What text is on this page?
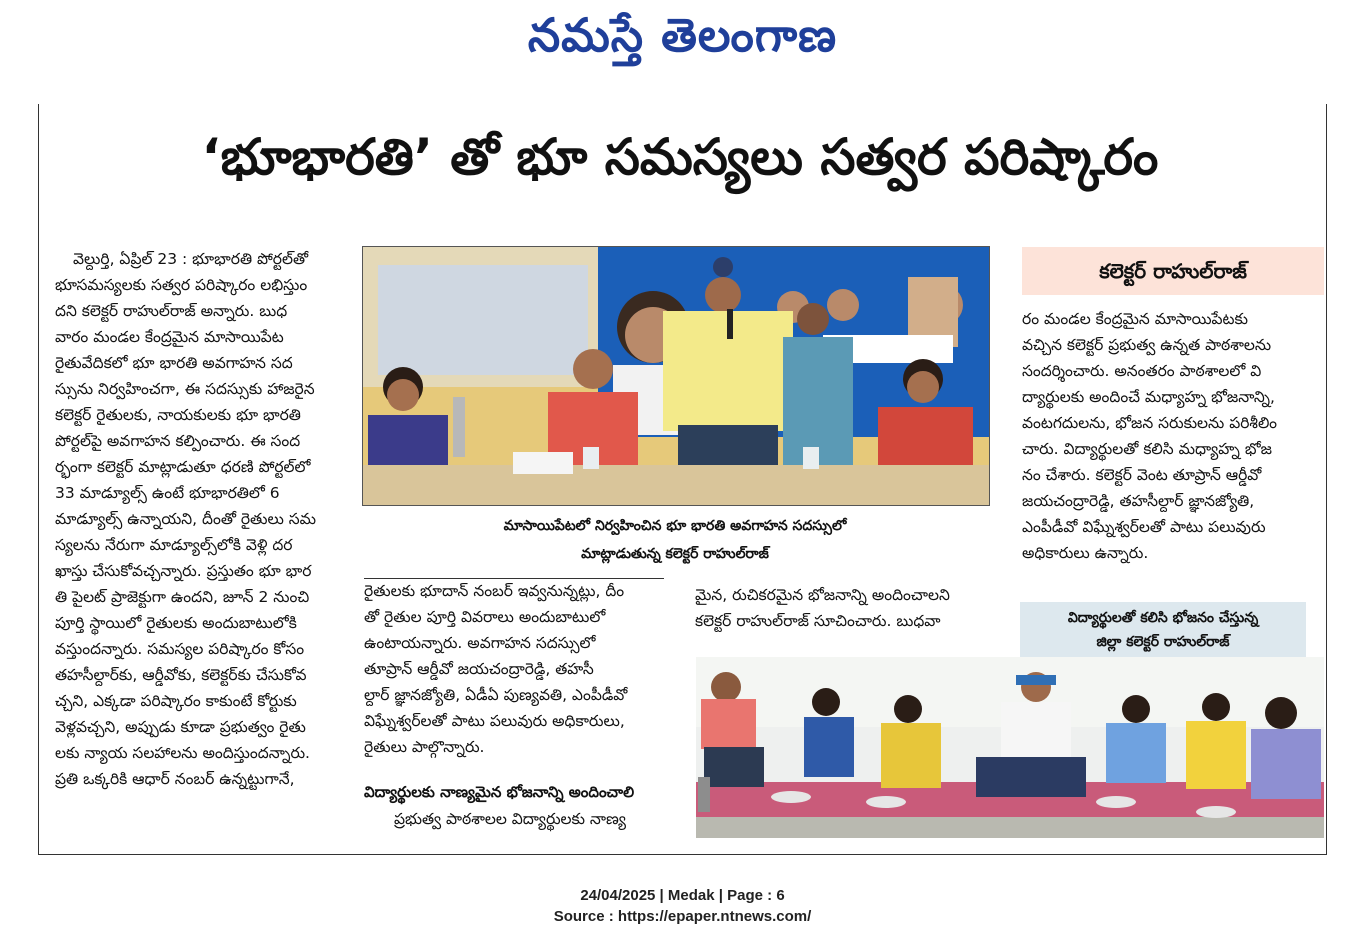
నమస్తే తెలంగాణ
‘భూభారతి’ తో భూ సమస్యలు సత్వర పరిష్కారం

వెల్దుర్తి, ఏప్రిల్ 23 : భూభారతి పోర్టల్‌తో

భూసమస్యలకు సత్వర పరిష్కారం లభిస్తుం

దని కలెక్టర్ రాహుల్‌రాజ్ అన్నారు. బుధ

వారం మండల కేంద్రమైన మాసాయిపేట

రైతువేదికలో భూ భారతి అవగాహన సద

స్సును నిర్వహించగా, ఈ సదస్సుకు హాజరైన

కలెక్టర్ రైతులకు, నాయకులకు భూ భారతి

పోర్టల్‌పై అవగాహన కల్పించారు. ఈ సంద

ర్భంగా కలెక్టర్ మాట్లాడుతూ ధరణి పోర్టల్‌లో

33 మాడ్యూల్స్ ఉంటే భూభారతిలో 6

మాడ్యూల్స్ ఉన్నాయని, దీంతో రైతులు సమ

స్యలను నేరుగా మాడ్యూల్స్‌లోకి వెళ్లి దర

ఖాస్తు చేసుకోవచ్చన్నారు. ప్రస్తుతం భూ భార

తి పైలట్ ప్రాజెక్టుగా ఉందని, జూన్ 2 నుంచి

పూర్తి స్థాయిలో రైతులకు అందుబాటులోకి

వస్తుందన్నారు. సమస్యల పరిష్కారం కోసం

తహసీల్దార్‌కు, ఆర్డీవోకు, కలెక్టర్‌కు చేసుకోవ

చ్చని, ఎక్కడా పరిష్కారం కాకుంటే కోర్టుకు

వెళ్లవచ్చని, అప్పుడు కూడా ప్రభుత్వం రైతు

లకు న్యాయ సలహాలను అందిస్తుందన్నారు.

ప్రతి ఒక్కరికి ఆధార్ నంబర్ ఉన్నట్టుగానే,

మాసాయిపేటలో నిర్వహించిన భూ భారతి అవగాహన సదస్సులో
మాట్లాడుతున్న కలెక్టర్ రాహుల్‌రాజ్

రైతులకు భూదాన్ నంబర్ ఇవ్వనున్నట్లు, దీం

తో రైతుల పూర్తి వివరాలు అందుబాటులో

ఉంటాయన్నారు. అవగాహన సదస్సులో

తూప్రాన్ ఆర్డీవో జయచంద్రారెడ్డి, తహసీ

ల్దార్ జ్ఞానజ్యోతి, ఏడీఏ పుణ్యవతి, ఎంపీడీవో

విఘ్నేశ్వర్‌లతో పాటు పలువురు అధికారులు,

రైతులు పాల్గొన్నారు.

విద్యార్థులకు నాణ్యమైన భోజనాన్ని అందించాలి

ప్రభుత్వ పాఠశాలల విద్యార్థులకు నాణ్య

మైన, రుచికరమైన భోజనాన్ని అందించాలని

కలెక్టర్ రాహుల్‌రాజ్ సూచించారు. బుధవా

కలెక్టర్ రాహుల్‌రాజ్

రం మండల కేంద్రమైన మాసాయిపేటకు

వచ్చిన కలెక్టర్ ప్రభుత్వ ఉన్నత పాఠశాలను

సందర్శించారు. అనంతరం పాఠశాలలో వి

ద్యార్థులకు అందించే మధ్యాహ్న భోజనాన్ని,

వంటగదులను, భోజన సరుకులను పరిశీలిం

చారు. విద్యార్థులతో కలిసి మధ్యాహ్న భోజ

నం చేశారు. కలెక్టర్ వెంట తూప్రాన్ ఆర్డీవో

జయచంద్రారెడ్డి, తహసీల్దార్ జ్ఞానజ్యోతి,

ఎంపీడీవో విఘ్నేశ్వర్‌లతో పాటు పలువురు

అధికారులు ఉన్నారు.

విద్యార్థులతో కలిసి భోజనం చేస్తున్న
జిల్లా కలెక్టర్ రాహుల్‌రాజ్
24/04/2025 | Medak | Page : 6
Source : https://epaper.ntnews.com/
